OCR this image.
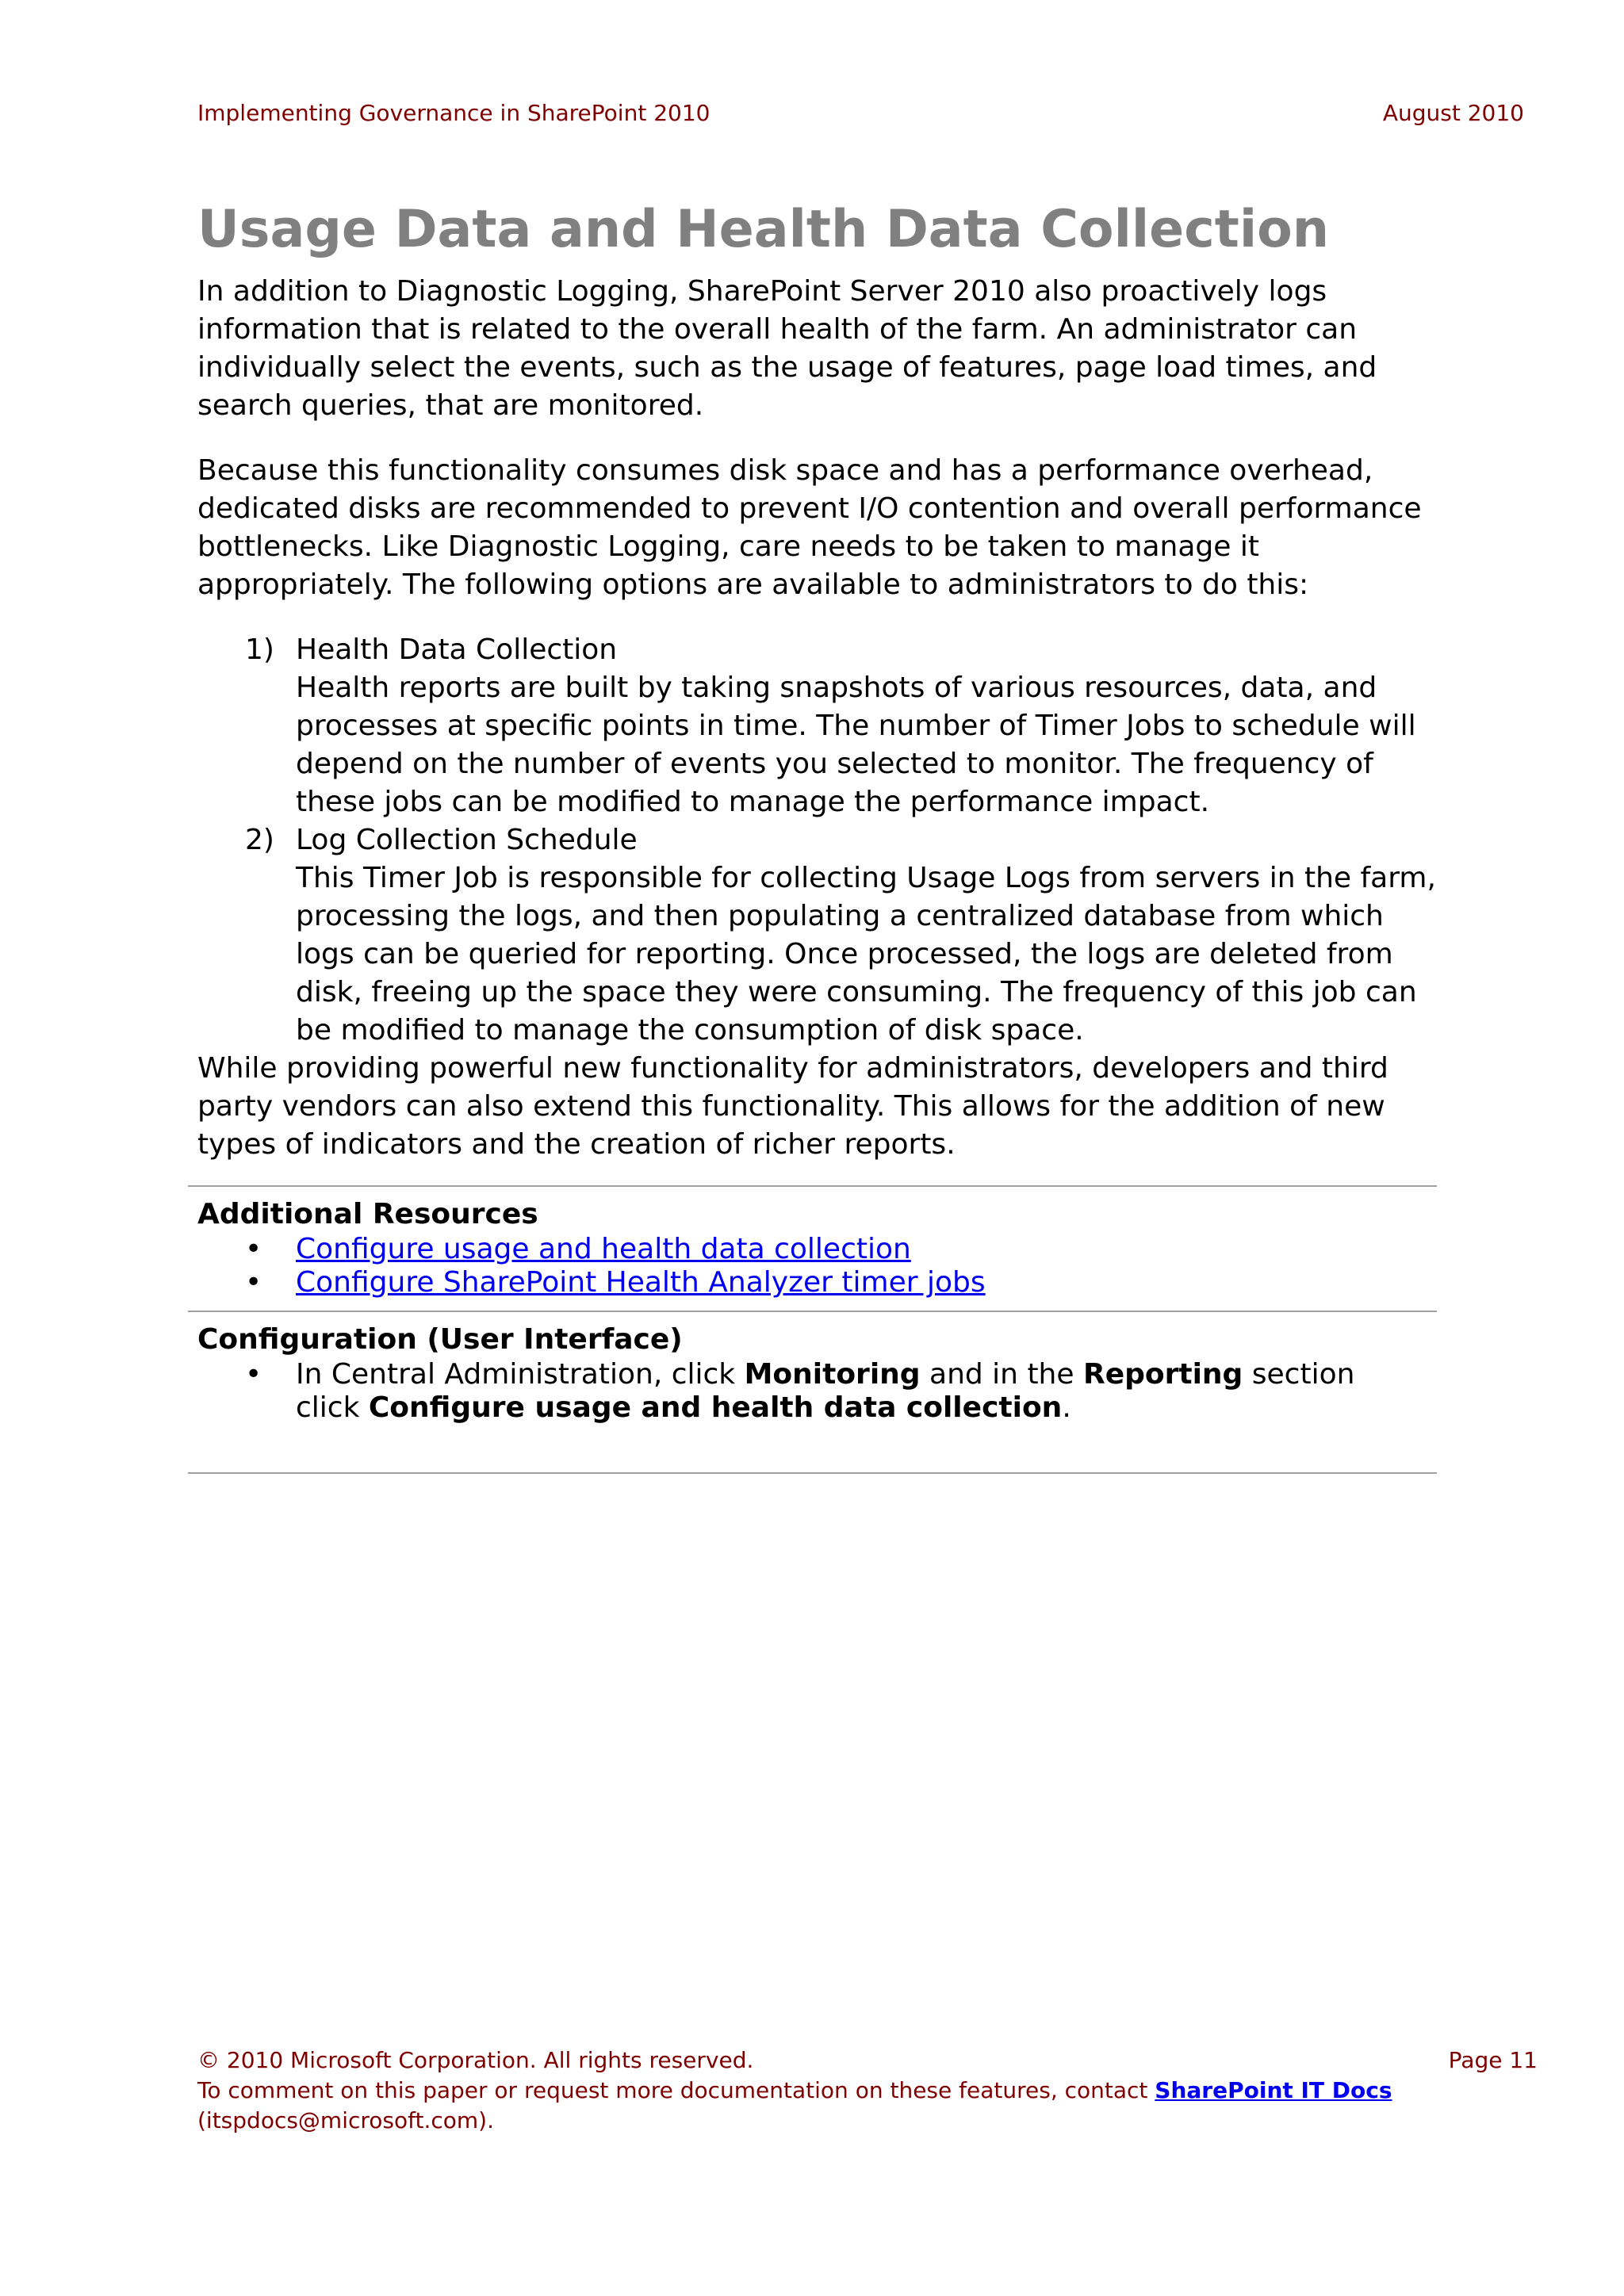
Implementing Governance in SharePoint 2010	August 2010
Usage Data and Health Data Collection

In addition to Diagnostic Logging, SharePoint Server 2010 also proactively logs information that is related to the overall health of the farm. An administrator can individually select the events, such as the usage of features, page load times, and search queries, that are monitored.

Because this functionality consumes disk space and has a performance overhead, dedicated disks are recommended to prevent I/O contention and overall performance bottlenecks. Like Diagnostic Logging, care needs to be taken to manage it appropriately. The following options are available to administrators to do this:

1) Health Data Collection
Health reports are built by taking snapshots of various resources, data, and processes at specific points in time. The number of Timer Jobs to schedule will depend on the number of events you selected to monitor. The frequency of these jobs can be modified to manage the performance impact.
2) Log Collection Schedule
This Timer Job is responsible for collecting Usage Logs from servers in the farm, processing the logs, and then populating a centralized database from which logs can be queried for reporting. Once processed, the logs are deleted from disk, freeing up the space they were consuming. The frequency of this job can be modified to manage the consumption of disk space.

While providing powerful new functionality for administrators, developers and third party vendors can also extend this functionality. This allows for the addition of new types of indicators and the creation of richer reports.

Additional Resources
• Configure usage and health data collection
• Configure SharePoint Health Analyzer timer jobs
Configuration (User Interface)
• In Central Administration, click Monitoring and in the Reporting section click Configure usage and health data collection.
© 2010 Microsoft Corporation. All rights reserved.	Page 11
To comment on this paper or request more documentation on these features, contact SharePoint IT Docs
(itspdocs@microsoft.com).
